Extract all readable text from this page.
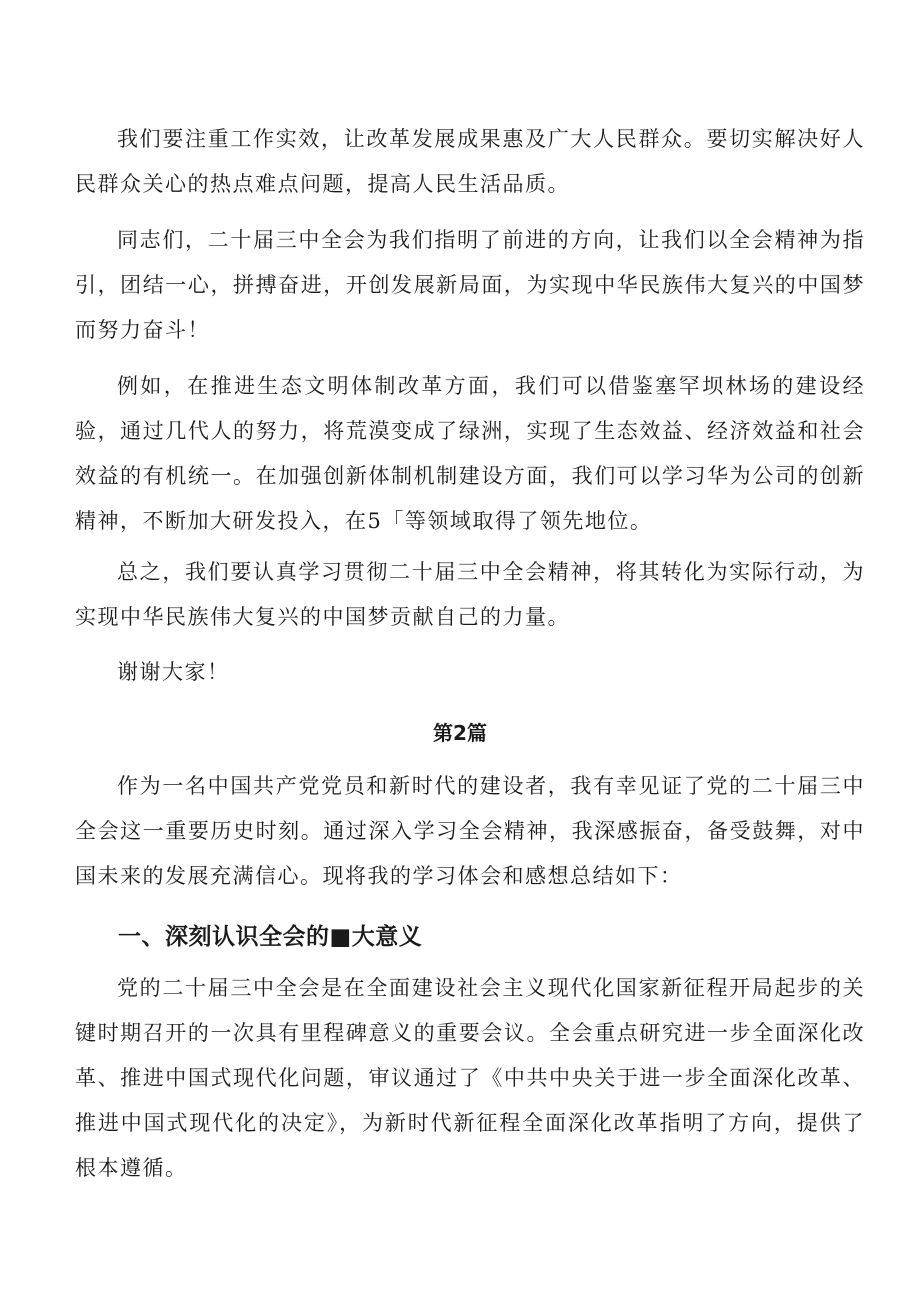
我们要注重工作实效，让改革发展成果惠及广大人民群众。要切实解决好人民群众关心的热点难点问题，提高人民生活品质。

同志们，二十届三中全会为我们指明了前进的方向，让我们以全会精神为指引，团结一心，拼搏奋进，开创发展新局面，为实现中华民族伟大复兴的中国梦而努力奋斗！

例如，在推进生态文明体制改革方面，我们可以借鉴塞罕坝林场的建设经验，通过几代人的努力，将荒漠变成了绿洲，实现了生态效益、经济效益和社会效益的有机统一。在加强创新体制机制建设方面，我们可以学习华为公司的创新精神，不断加大研发投入，在5「等领域取得了领先地位。

总之，我们要认真学习贯彻二十届三中全会精神，将其转化为实际行动，为实现中华民族伟大复兴的中国梦贡献自己的力量。

谢谢大家！

第2篇

作为一名中国共产党党员和新时代的建设者，我有幸见证了党的二十届三中全会这一重要历史时刻。通过深入学习全会精神，我深感振奋，备受鼓舞，对中国未来的发展充满信心。现将我的学习体会和感想总结如下：

一、深刻认识全会的■大意义

党的二十届三中全会是在全面建设社会主义现代化国家新征程开局起步的关键时期召开的一次具有里程碑意义的重要会议。全会重点研究进一步全面深化改革、推进中国式现代化问题，审议通过了《中共中央关于进一步全面深化改革、推进中国式现代化的决定》，为新时代新征程全面深化改革指明了方向，提供了根本遵循。
